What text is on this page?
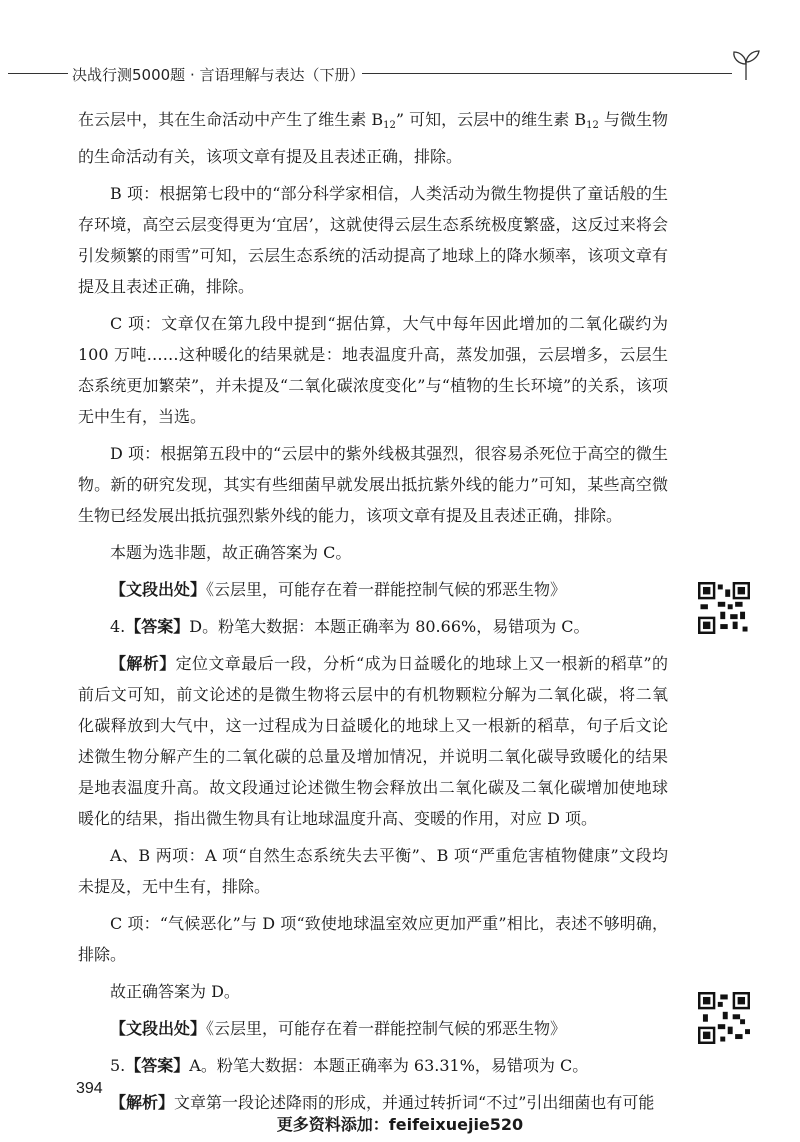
决战行测5000题 · 言语理解与表达（下册）

在云层中，其在生命活动中产生了维生素 $B_{12}$” 可知，云层中的维生素 $B_{12}$ 与微生物的生命活动有关，该项文章有提及且表述正确，排除。

B 项：根据第七段中的“部分科学家相信，人类活动为微生物提供了童话般的生存环境，高空云层变得更为‘宜居’，这就使得云层生态系统极度繁盛，这反过来将会引发频繁的雨雪”可知，云层生态系统的活动提高了地球上的降水频率，该项文章有提及且表述正确，排除。

C 项：文章仅在第九段中提到“据估算，大气中每年因此增加的二氧化碳约为 100 万吨……这种暖化的结果就是：地表温度升高，蒸发加强，云层增多，云层生态系统更加繁荣”，并未提及“二氧化碳浓度变化”与“植物的生长环境”的关系，该项无中生有，当选。

D 项：根据第五段中的“云层中的紫外线极其强烈，很容易杀死位于高空的微生物。新的研究发现，其实有些细菌早就发展出抵抗紫外线的能力”可知，某些高空微生物已经发展出抵抗强烈紫外线的能力，该项文章有提及且表述正确，排除。

本题为选非题，故正确答案为 C。

【文段出处】《云层里，可能存在着一群能控制气候的邪恶生物》

4.【答案】D。粉笔大数据：本题正确率为 80.66%，易错项为 C。

【解析】定位文章最后一段，分析“成为日益暖化的地球上又一根新的稻草”的前后文可知，前文论述的是微生物将云层中的有机物颗粒分解为二氧化碳，将二氧化碳释放到大气中，这一过程成为日益暖化的地球上又一根新的稻草，句子后文论述微生物分解产生的二氧化碳的总量及增加情况，并说明二氧化碳导致暖化的结果是地表温度升高。故文段通过论述微生物会释放出二氧化碳及二氧化碳增加使地球暖化的结果，指出微生物具有让地球温度升高、变暖的作用，对应 D 项。

A、B 两项：A 项“自然生态系统失去平衡”、B 项“严重危害植物健康”文段均未提及，无中生有，排除。

C 项：“气候恶化”与 D 项“致使地球温室效应更加严重”相比，表述不够明确，排除。

故正确答案为 D。

【文段出处】《云层里，可能存在着一群能控制气候的邪恶生物》

5.【答案】A。粉笔大数据：本题正确率为 63.31%，易错项为 C。

【解析】文章第一段论述降雨的形成，并通过转折词“不过”引出细菌也有可能

394
更多资料添加：feifeixuejie520
